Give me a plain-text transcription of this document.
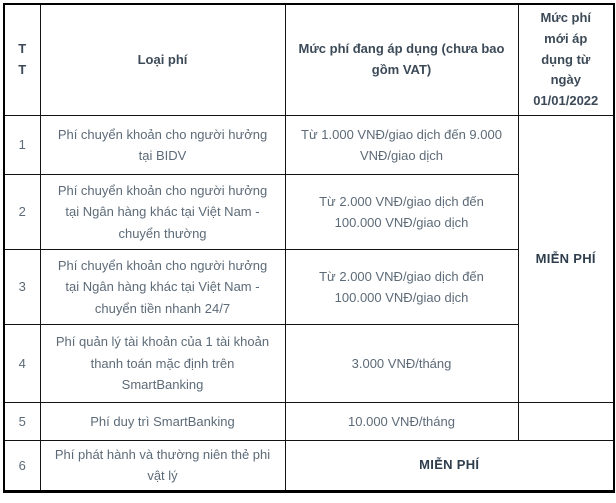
TT	Loại phí	Mức phí đang áp dụng (chưa bao gồm VAT)	Mức phí mới áp dụng từ ngày 01/01/2022
1	Phí chuyển khoản cho người hưởng tại BIDV	Từ 1.000 VNĐ/giao dịch đến 9.000 VNĐ/giao dịch	MIỄN PHÍ
2	Phí chuyển khoản cho người hưởng tại Ngân hàng khác tại Việt Nam - chuyển thường	Từ 2.000 VNĐ/giao dịch đến 100.000 VNĐ/giao dịch	
3	Phí chuyển khoản cho người hưởng tại Ngân hàng khác tại Việt Nam - chuyển tiền nhanh 24/7	Từ 2.000 VNĐ/giao dịch đến 100.000 VNĐ/giao dịch	
4	Phí quản lý tài khoản của 1 tài khoản thanh toán mặc định trên SmartBanking	3.000 VNĐ/tháng	
5	Phí duy trì SmartBanking	10.000 VNĐ/tháng	
6	Phí phát hành và thường niên thẻ phi vật lý	MIỄN PHÍ	
